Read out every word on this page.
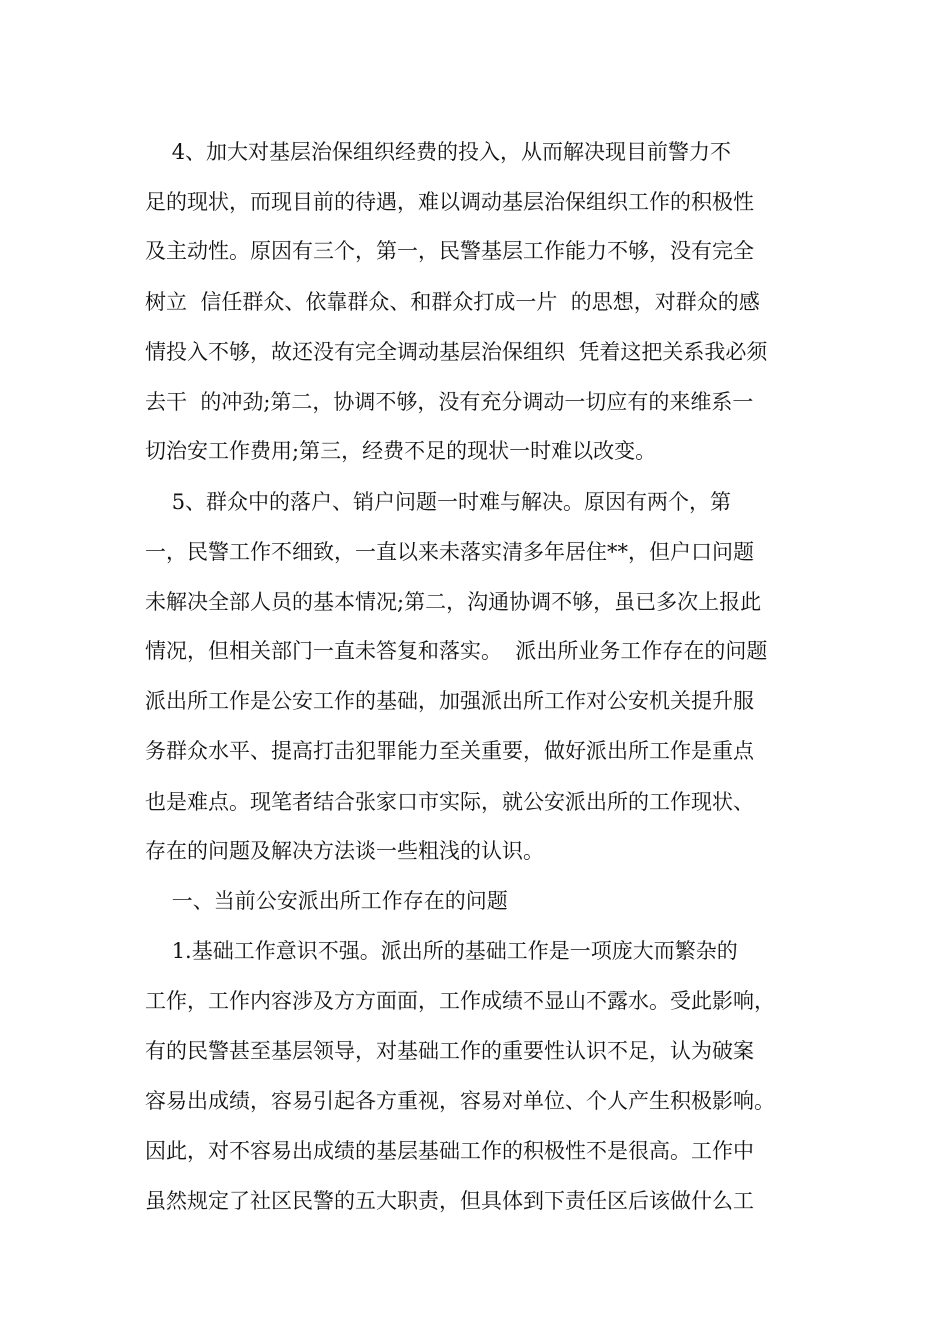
4、加大对基层治保组织经费的投入，从而解决现目前警力不
足的现状，而现目前的待遇，难以调动基层治保组织工作的积极性
及主动性。原因有三个，第一，民警基层工作能力不够，没有完全
树立  信任群众、依靠群众、和群众打成一片  的思想，对群众的感
情投入不够，故还没有完全调动基层治保组织  凭着这把关系我必须
去干  的冲劲;第二，协调不够，没有充分调动一切应有的来维系一
切治安工作费用;第三，经费不足的现状一时难以改变。
5、群众中的落户、销户问题一时难与解决。原因有两个，第
一，民警工作不细致，一直以来未落实清多年居住**，但户口问题
未解决全部人员的基本情况;第二，沟通协调不够，虽已多次上报此
情况，但相关部门一直未答复和落实。  派出所业务工作存在的问题
派出所工作是公安工作的基础，加强派出所工作对公安机关提升服
务群众水平、提高打击犯罪能力至关重要，做好派出所工作是重点
也是难点。现笔者结合张家口市实际，就公安派出所的工作现状、
存在的问题及解决方法谈一些粗浅的认识。
一、当前公安派出所工作存在的问题
1.基础工作意识不强。派出所的基础工作是一项庞大而繁杂的
工作，工作内容涉及方方面面，工作成绩不显山不露水。受此影响，
有的民警甚至基层领导，对基础工作的重要性认识不足，认为破案
容易出成绩，容易引起各方重视，容易对单位、个人产生积极影响。
因此，对不容易出成绩的基层基础工作的积极性不是很高。工作中
虽然规定了社区民警的五大职责，但具体到下责任区后该做什么工
